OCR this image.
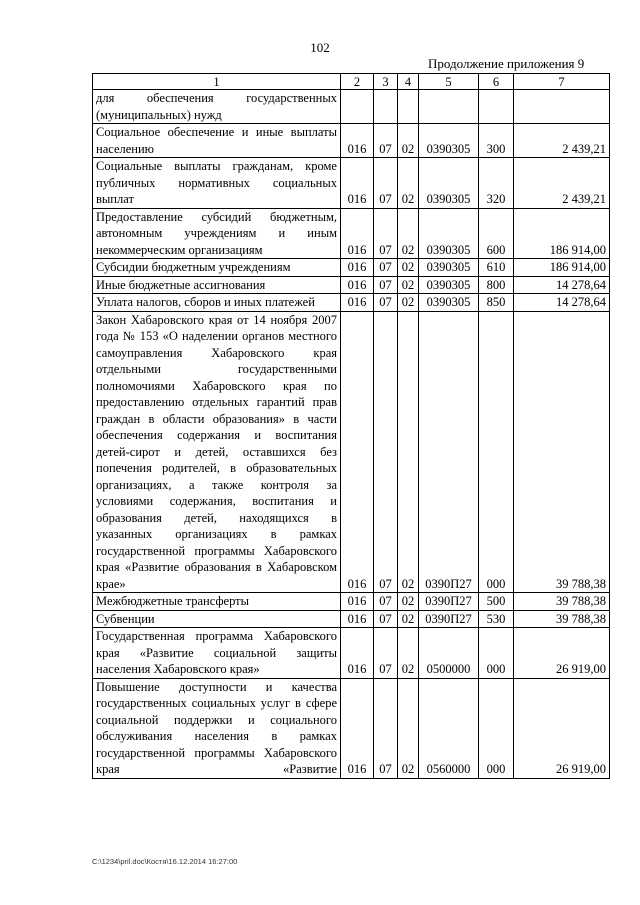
102
Продолжение приложения 9
1	2	3	4	5	6	7
для обеспечения государственных (муниципальных) нужд						
Социальное обеспечение и иные выплаты населению	016	07	02	0390305	300	2 439,21
Социальные выплаты гражданам, кроме публичных нормативных социальных выплат	016	07	02	0390305	320	2 439,21
Предоставление субсидий бюджетным, автономным учреждениям и иным некоммерческим организациям	016	07	02	0390305	600	186 914,00
Субсидии бюджетным учреждениям	016	07	02	0390305	610	186 914,00
Иные бюджетные ассигнования	016	07	02	0390305	800	14 278,64
Уплата налогов, сборов и иных платежей	016	07	02	0390305	850	14 278,64
Закон Хабаровского края от 14 ноября 2007 года № 153 «О наделении органов местного самоуправления Хабаровского края отдельными государственными полномочиями Хабаровского края по предоставлению отдельных гарантий прав граждан в области образования» в части обеспечения содержания и воспитания детей-сирот и детей, оставшихся без попечения родителей, в образовательных организациях, а также контроля за условиями содержания, воспитания и образования детей, находящихся в указанных организациях в рамках государственной программы Хабаровского края «Развитие образования в Хабаровском крае»	016	07	02	0390П27	000	39 788,38
Межбюджетные трансферты	016	07	02	0390П27	500	39 788,38
Субвенции	016	07	02	0390П27	530	39 788,38
Государственная программа Хабаровского края «Развитие социальной защиты населения Хабаровского края»	016	07	02	0500000	000	26 919,00
Повышение доступности и качества государственных социальных услуг в сфере социальной поддержки и социального обслуживания населения в рамках государственной программы Хабаровского края «Развитие	016	07	02	0560000	000	26 919,00
C:\1234\pril.doc\Костя\16.12.2014 16:27:00
